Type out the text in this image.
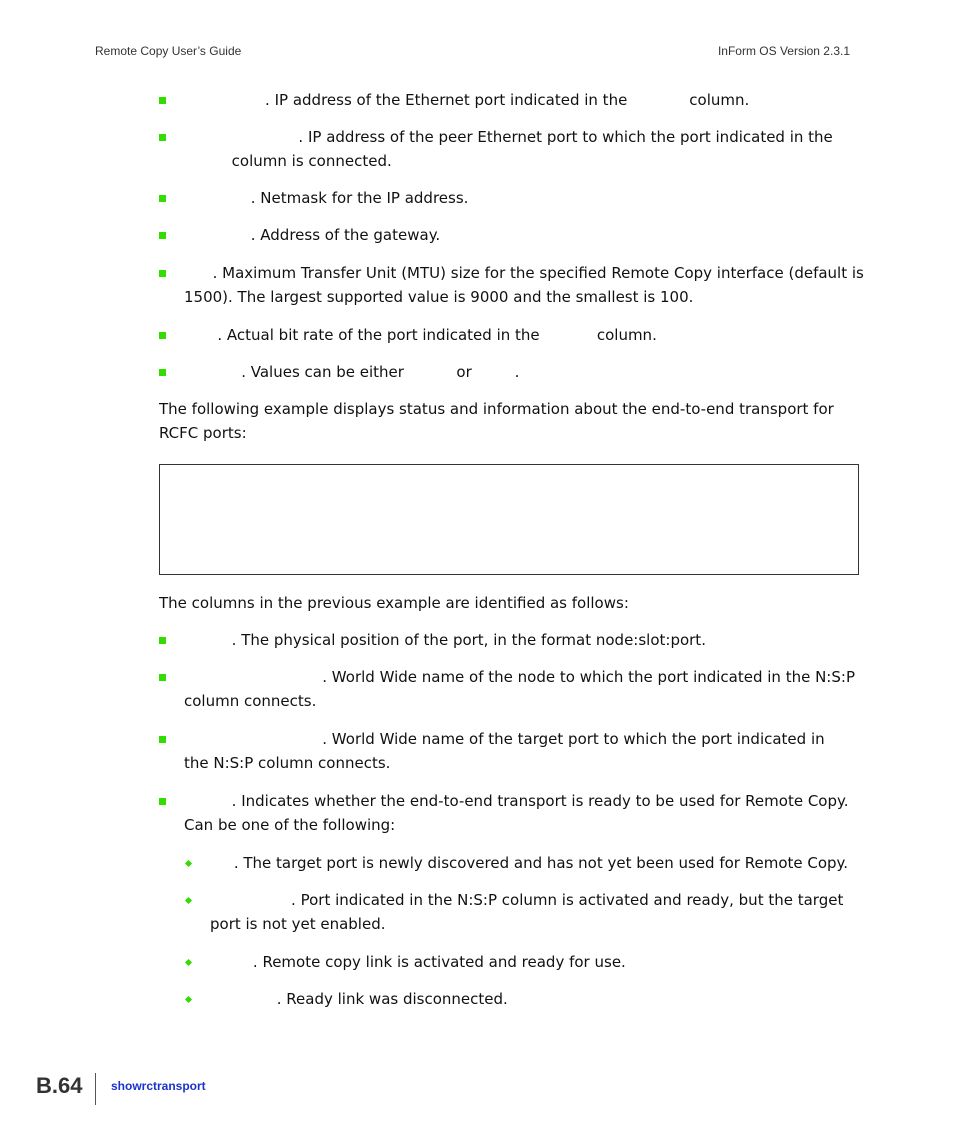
Remote Copy User’s Guide	InForm OS Version 2.3.1
. IP address of the Ethernet port indicated in the             column.
. IP address of the peer Ethernet port to which the port indicated in the
column is connected.
. Netmask for the IP address.
. Address of the gateway.
. Maximum Transfer Unit (MTU) size for the specified Remote Copy interface (default is
1500). The largest supported value is 9000 and the smallest is 100.
. Actual bit rate of the port indicated in the            column.
. Values can be either           or         .
The following example displays status and information about the end-to-end transport for RCFC ports:
The columns in the previous example are identified as follows:
. The physical position of the port, in the format node:slot:port.
. World Wide name of the node to which the port indicated in the N:S:P
column connects.
. World Wide name of the target port to which the port indicated in
the N:S:P column connects.
. Indicates whether the end-to-end transport is ready to be used for Remote Copy.
Can be one of the following:
. The target port is newly discovered and has not yet been used for Remote Copy.
. Port indicated in the N:S:P column is activated and ready, but the target
port is not yet enabled.
. Remote copy link is activated and ready for use.
. Ready link was disconnected.
B.64 showrctransport
